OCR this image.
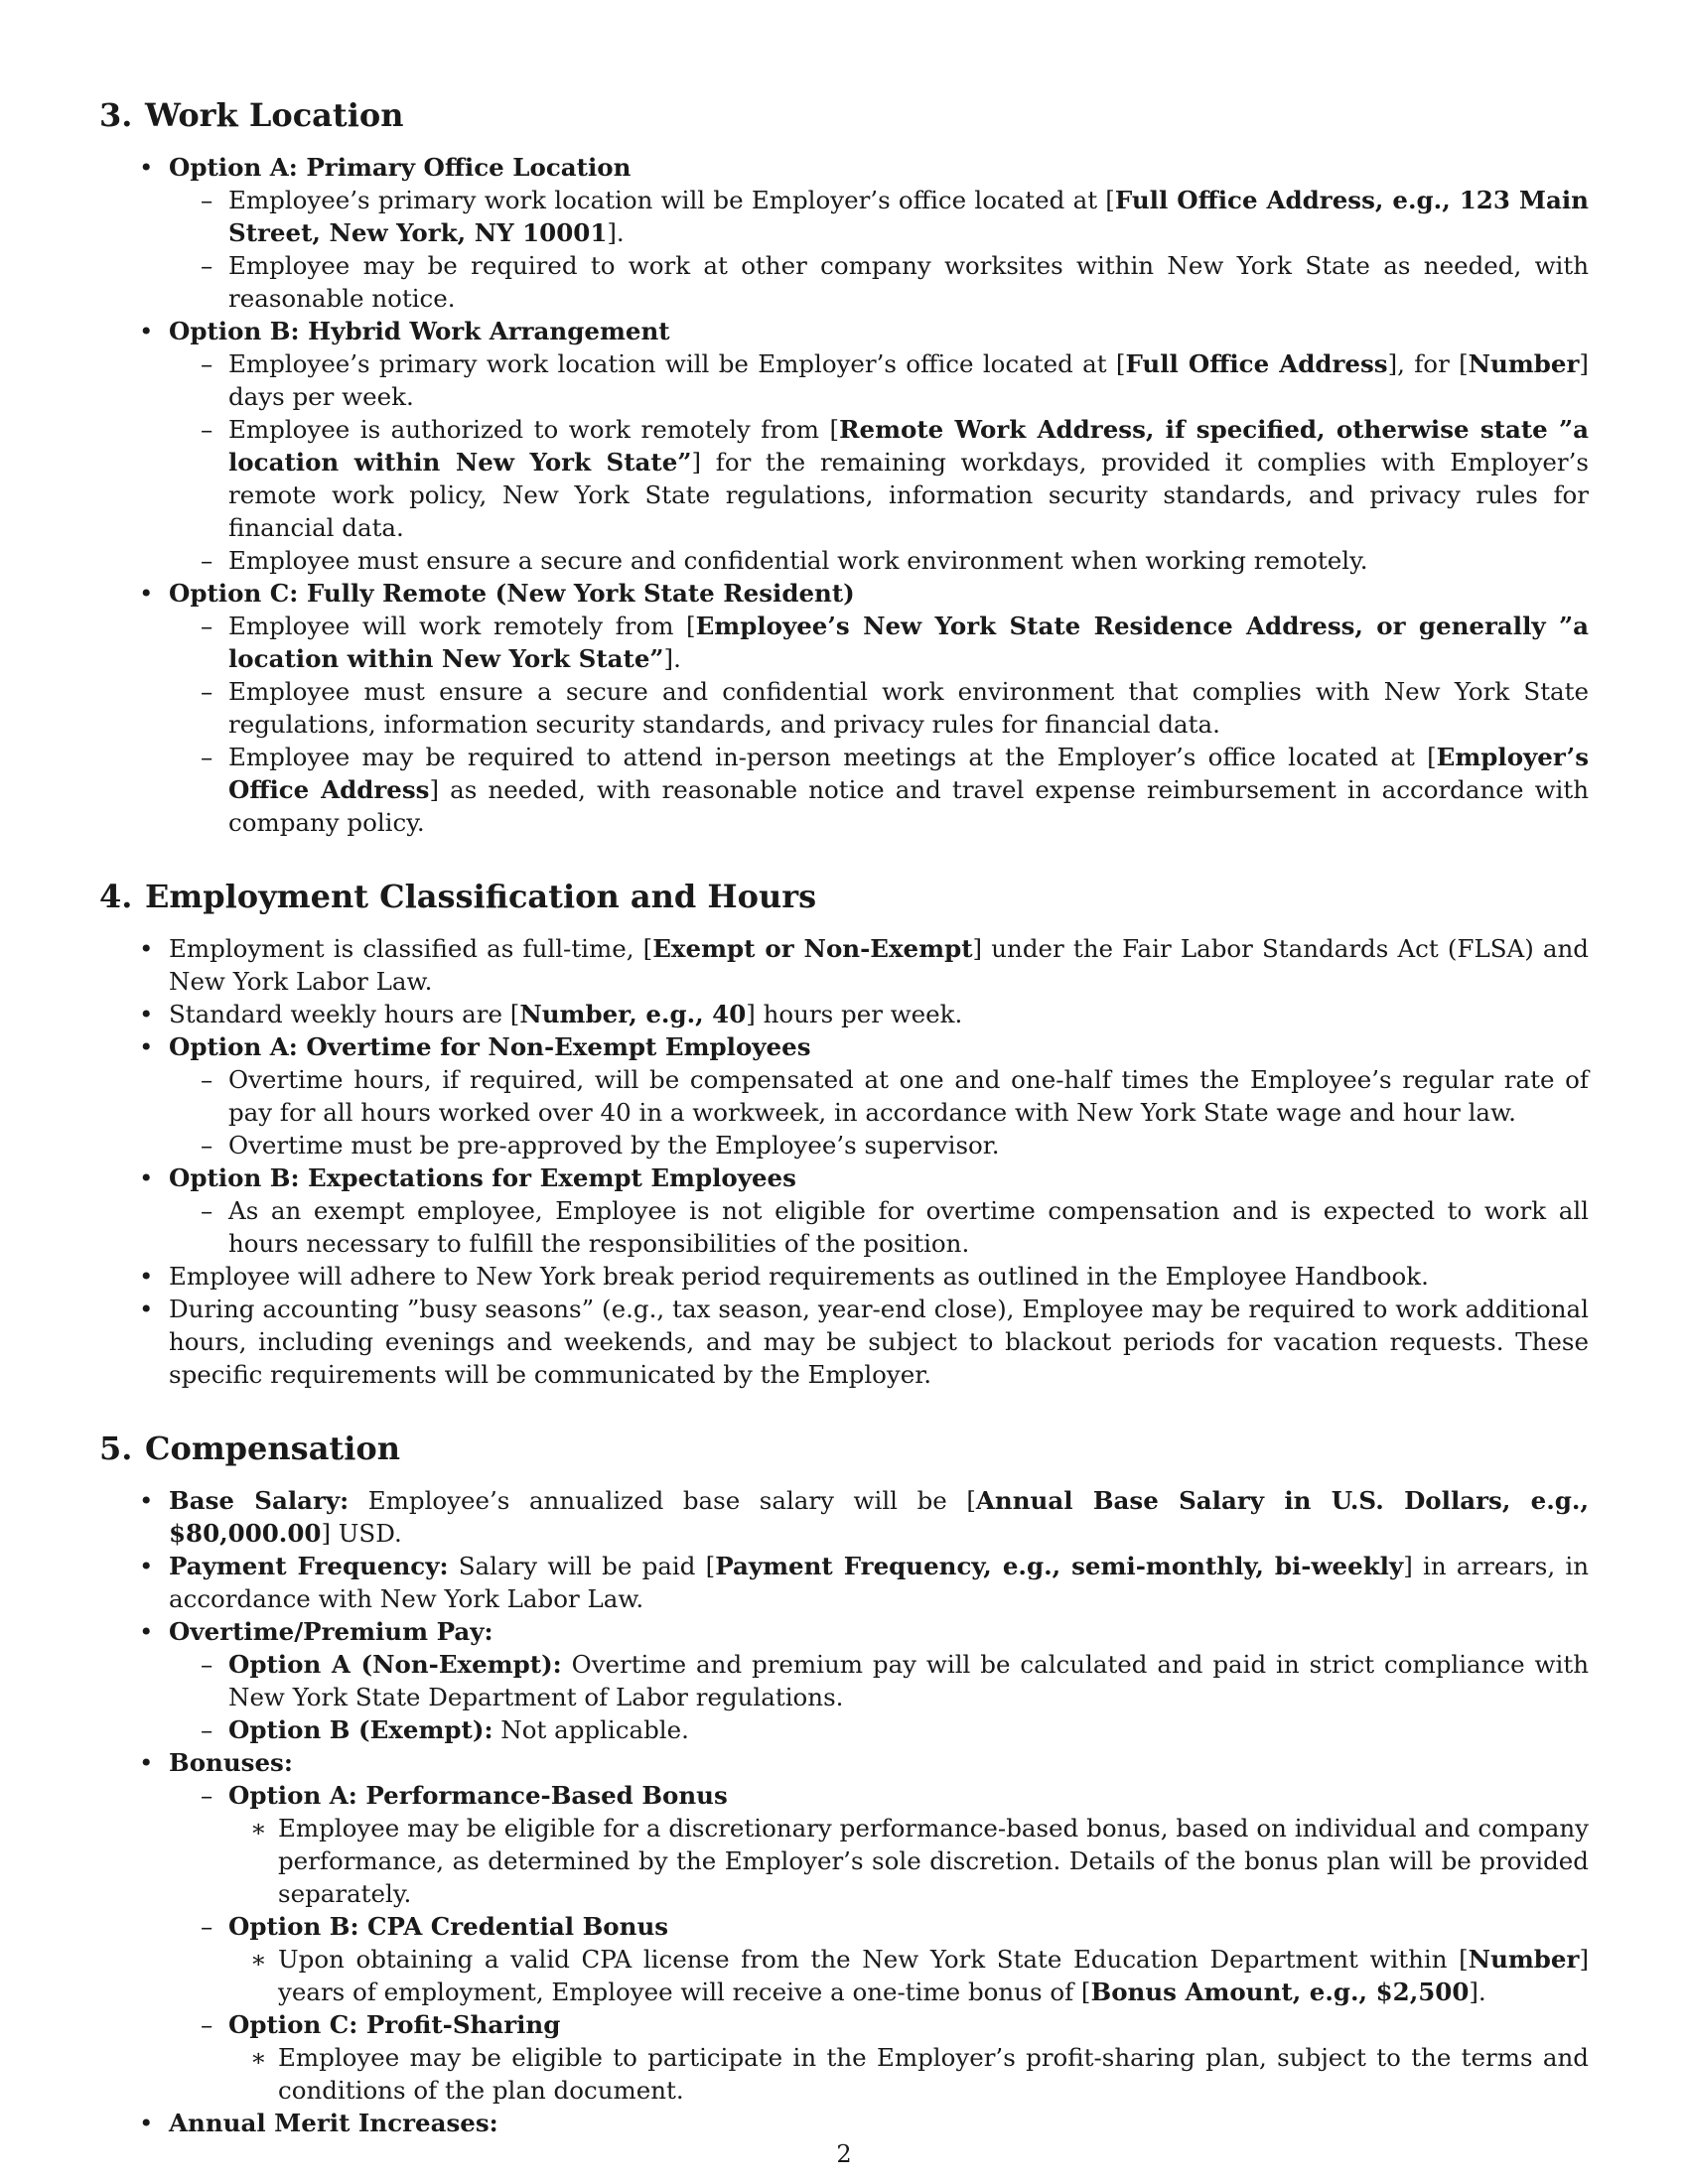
3. Work Location
• Option A: Primary Office Location
– Employee’s primary work location will be Employer’s office located at [Full Office Address, e.g., 123 Main Street, New York, NY 10001].
– Employee may be required to work at other company worksites within New York State as needed, with reasonable notice.
• Option B: Hybrid Work Arrangement
– Employee’s primary work location will be Employer’s office located at [Full Office Address], for [Number] days per week.
– Employee is authorized to work remotely from [Remote Work Address, if specified, otherwise state ”a location within New York State”] for the remaining workdays, provided it complies with Employer’s remote work policy, New York State regulations, information security standards, and privacy rules for financial data.
– Employee must ensure a secure and confidential work environment when working remotely.
• Option C: Fully Remote (New York State Resident)
– Employee will work remotely from [Employee’s New York State Residence Address, or generally ”a location within New York State”].
– Employee must ensure a secure and confidential work environment that complies with New York State regulations, information security standards, and privacy rules for financial data.
– Employee may be required to attend in-person meetings at the Employer’s office located at [Employer’s Office Address] as needed, with reasonable notice and travel expense reimbursement in accordance with company policy.
4. Employment Classification and Hours
• Employment is classified as full-time, [Exempt or Non-Exempt] under the Fair Labor Standards Act (FLSA) and New York Labor Law.
• Standard weekly hours are [Number, e.g., 40] hours per week.
• Option A: Overtime for Non-Exempt Employees
– Overtime hours, if required, will be compensated at one and one-half times the Employee’s regular rate of pay for all hours worked over 40 in a workweek, in accordance with New York State wage and hour law.
– Overtime must be pre-approved by the Employee’s supervisor.
• Option B: Expectations for Exempt Employees
– As an exempt employee, Employee is not eligible for overtime compensation and is expected to work all hours necessary to fulfill the responsibilities of the position.
• Employee will adhere to New York break period requirements as outlined in the Employee Handbook.
• During accounting ”busy seasons” (e.g., tax season, year-end close), Employee may be required to work additional hours, including evenings and weekends, and may be subject to blackout periods for vacation requests. These specific requirements will be communicated by the Employer.
5. Compensation
• Base Salary: Employee’s annualized base salary will be [Annual Base Salary in U.S. Dollars, e.g., $80,000.00] USD.
• Payment Frequency: Salary will be paid [Payment Frequency, e.g., semi-monthly, bi-weekly] in arrears, in accordance with New York Labor Law.
• Overtime/Premium Pay:
– Option A (Non-Exempt): Overtime and premium pay will be calculated and paid in strict compliance with New York State Department of Labor regulations.
– Option B (Exempt): Not applicable.
• Bonuses:
– Option A: Performance-Based Bonus
∗ Employee may be eligible for a discretionary performance-based bonus, based on individual and company performance, as determined by the Employer’s sole discretion. Details of the bonus plan will be provided separately.
– Option B: CPA Credential Bonus
∗ Upon obtaining a valid CPA license from the New York State Education Department within [Number] years of employment, Employee will receive a one-time bonus of [Bonus Amount, e.g., $2,500].
– Option C: Profit-Sharing
∗ Employee may be eligible to participate in the Employer’s profit-sharing plan, subject to the terms and conditions of the plan document.
• Annual Merit Increases:
2
